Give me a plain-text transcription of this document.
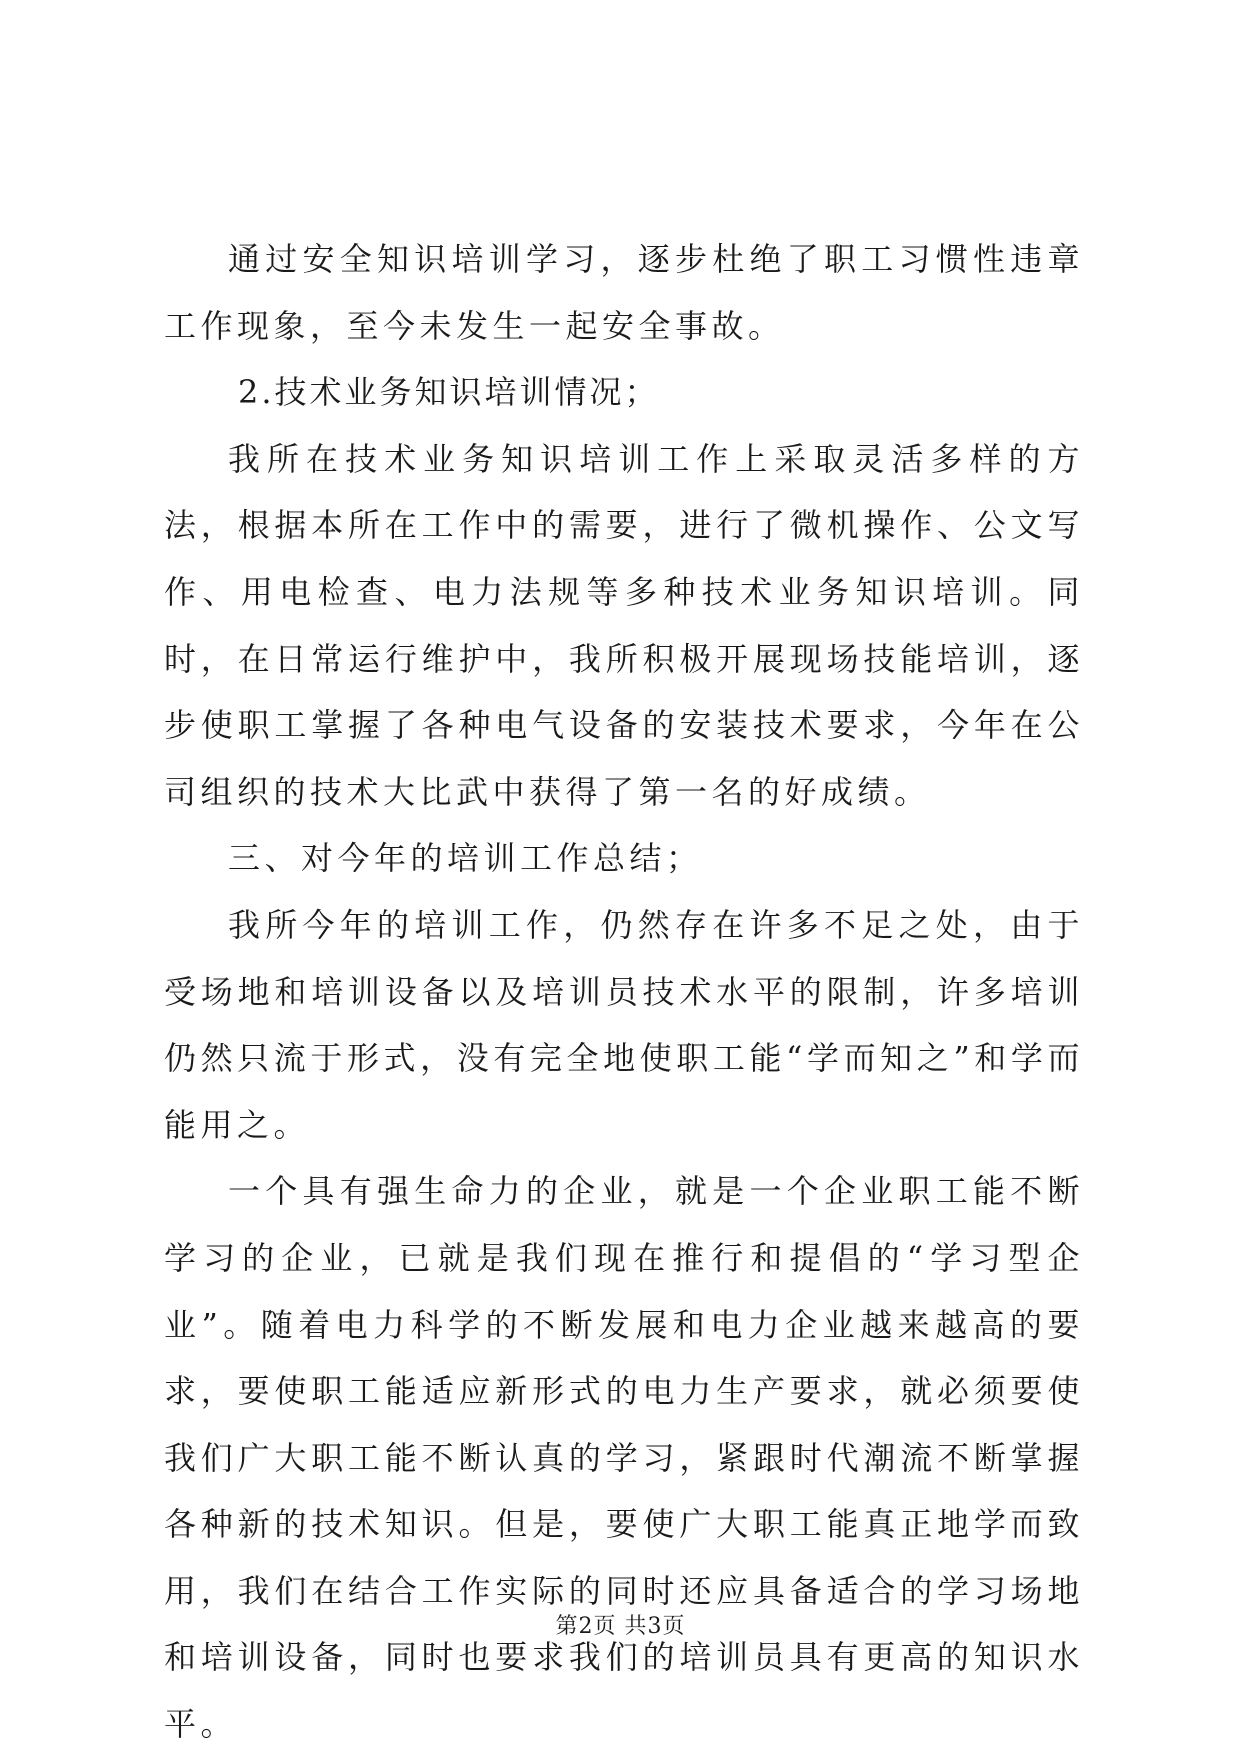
通过安全知识培训学习，逐步杜绝了职工习惯性违章工作现象，至今未发生一起安全事故。

2.技术业务知识培训情况；

我所在技术业务知识培训工作上采取灵活多样的方法，根据本所在工作中的需要，进行了微机操作、公文写作、用电检查、电力法规等多种技术业务知识培训。同时，在日常运行维护中，我所积极开展现场技能培训，逐步使职工掌握了各种电气设备的安装技术要求，今年在公司组织的技术大比武中获得了第一名的好成绩。

三、对今年的培训工作总结；

我所今年的培训工作，仍然存在许多不足之处，由于受场地和培训设备以及培训员技术水平的限制，许多培训仍然只流于形式，没有完全地使职工能“学而知之”和学而能用之。

一个具有强生命力的企业，就是一个企业职工能不断学习的企业，已就是我们现在推行和提倡的“学习型企业”。随着电力科学的不断发展和电力企业越来越高的要求，要使职工能适应新形式的电力生产要求，就必须要使我们广大职工能不断认真的学习，紧跟时代潮流不断掌握各种新的技术知识。但是，要使广大职工能真正地学而致用，我们在结合工作实际的同时还应具备适合的学习场地和培训设备，同时也要求我们的培训员具有更高的知识水平。

第2页 共3页
